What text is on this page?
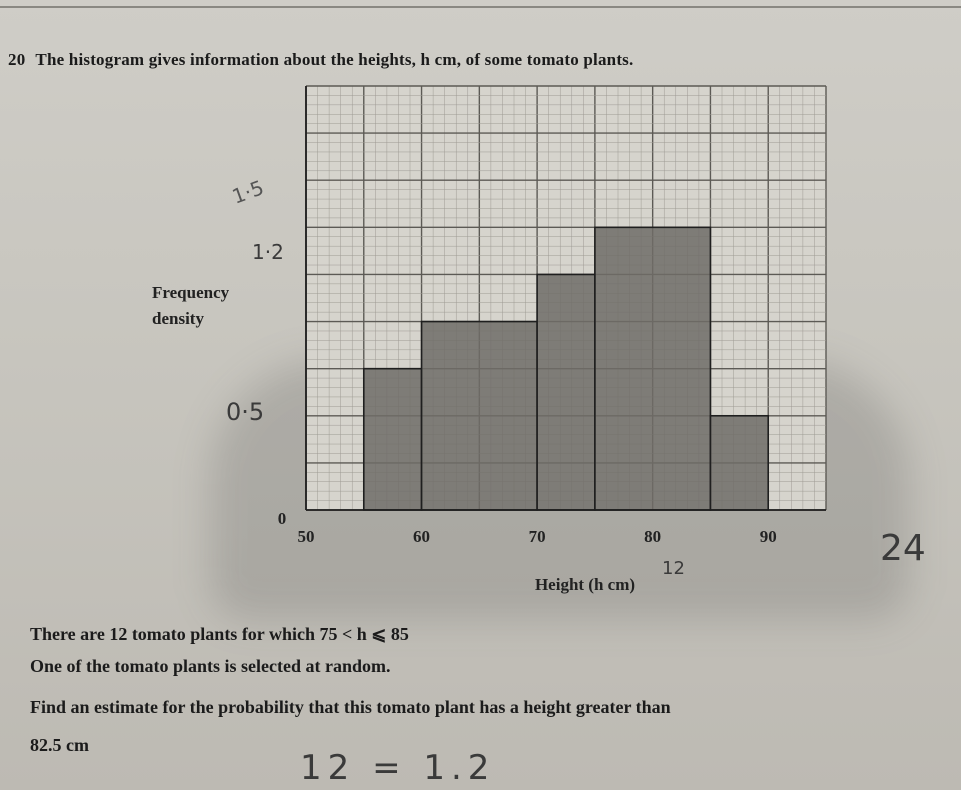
20 The histogram gives information about the heights, h cm, of some tomato plants.
50	60	70	80	90
0
Frequency
density
Height (h cm)
1·5
1·2
0·5
12	24
12 = 1.2
There are 12 tomato plants for which 75 < h ⩽ 85
One of the tomato plants is selected at random.
Find an estimate for the probability that this tomato plant has a height greater than
82.5 cm
